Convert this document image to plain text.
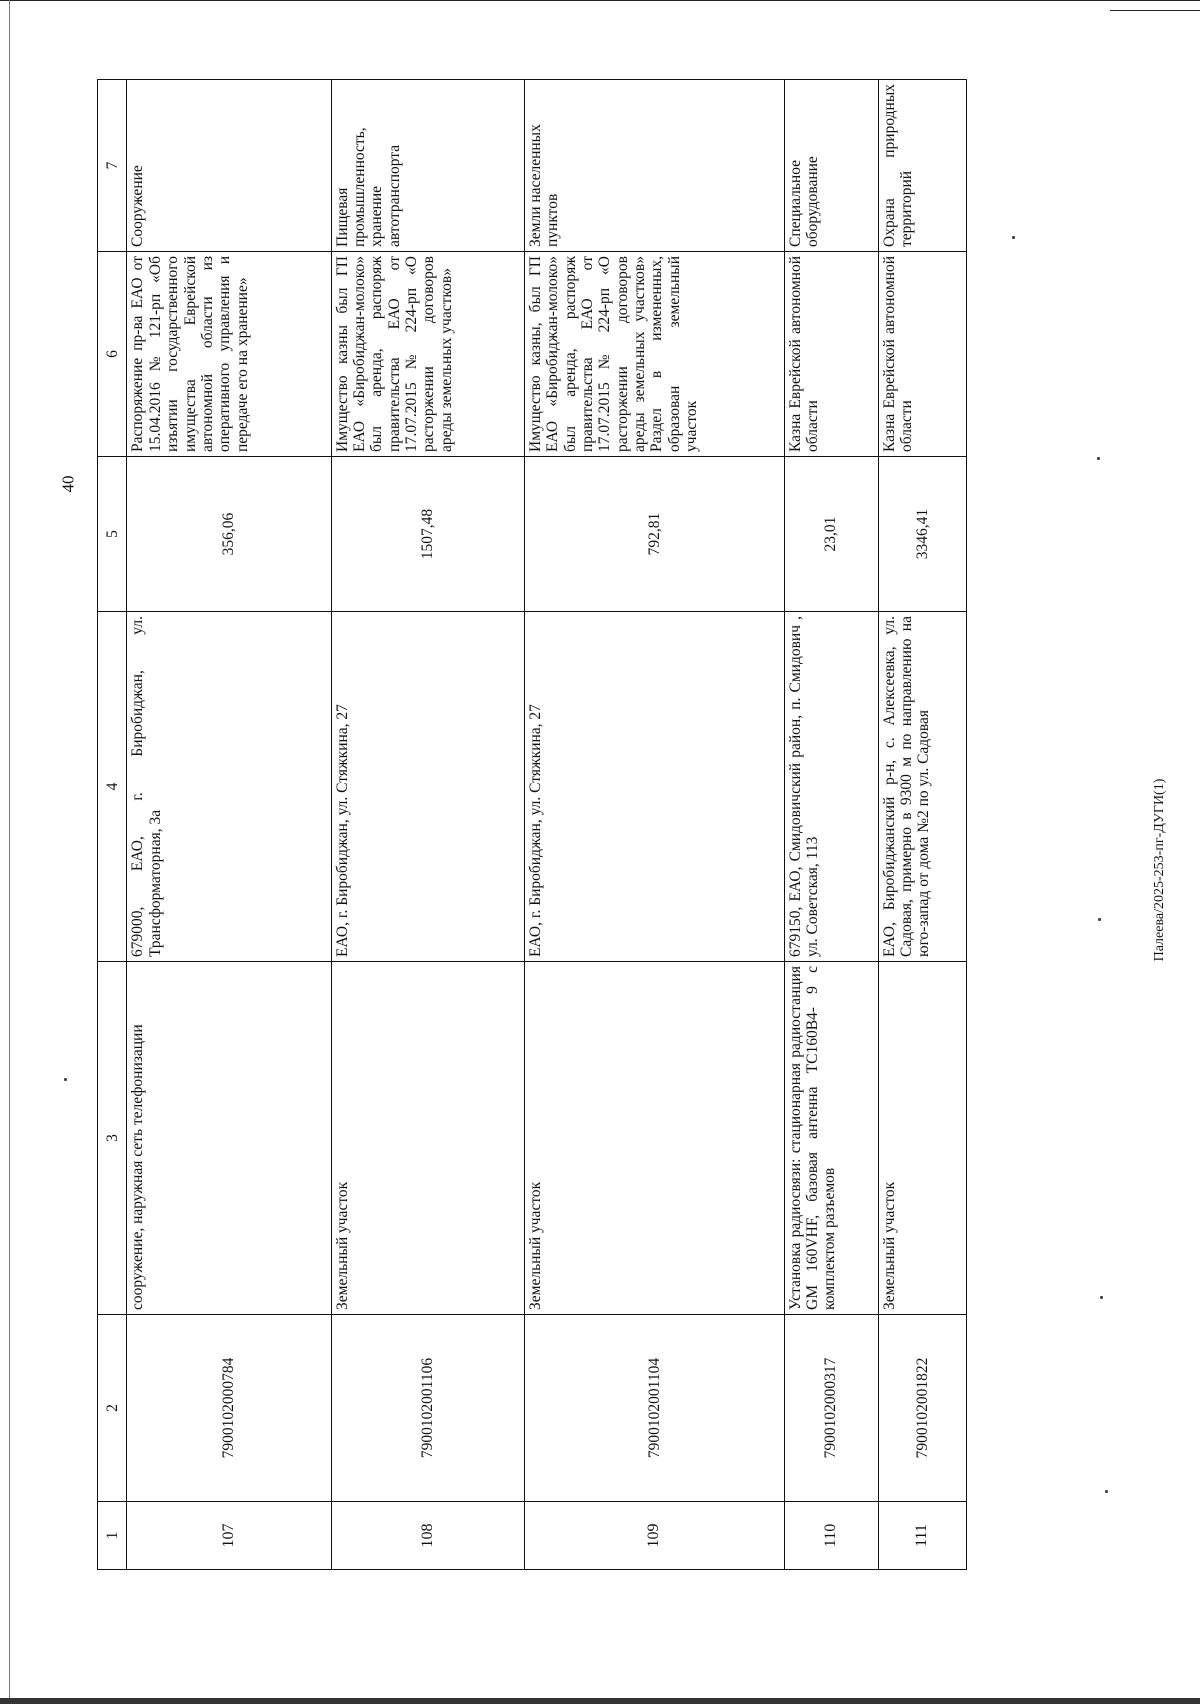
40
1	2	3	4	5	6	7
107	7900102000784	сооружение, наружная сеть телефонизации	679000, ЕАО, г. Биробиджан, ул. Трансформаторная, 3а	356,06	Распоряжение пр-ва ЕАО от 15.04.2016 № 121-рп «Об изъятии государственного имущества Еврейской автономной области из оперативного управления и передаче его на хранение»	Сооружение
108	7900102001106	Земельный участок	ЕАО, г. Биробиджан, ул. Стяжкина, 27	1507,48	Имущество казны был ГП ЕАО «Биробиджан-молоко» был аренда, распоряж правительства ЕАО от 17.07.2015 № 224-рп «О расторжении договоров ареды земельных участков»	Пищевая промышленность, хранение автотранспорта
109	7900102001104	Земельный участок	ЕАО, г. Биробиджан, ул. Стяжкина, 27	792,81	Имущество казны, был ГП ЕАО «Биробиджан-молоко» был аренда, распоряж правительства ЕАО от 17.07.2015 № 224-рп «О расторжении договоров ареды земельных участков» Раздел в измененных, образован земельный участок	Земли населенных пунктов
110	7900102000317	Установка радиосвязи: стационарная радиостанция GM 160VHF, базовая антенна TC160B4- 9 с комплектом разъемов	679150, ЕАО, Смидовичский район, п. Смидович , ул. Советская, 113	23,01	Казна Еврейской автономной области	Специальное оборудование
111	7900102001822	Земельный участок	ЕАО, Биробиджанский р-н, с. Алексеевка, ул. Садовая, примерно в 9300 м по направлению на юго-запад от дома №2 по ул. Садовая	3346,41	Казна Еврейской автономной области	Охрана природных территорий
Палеева/2025-253-пг-ДУГИ(1)
